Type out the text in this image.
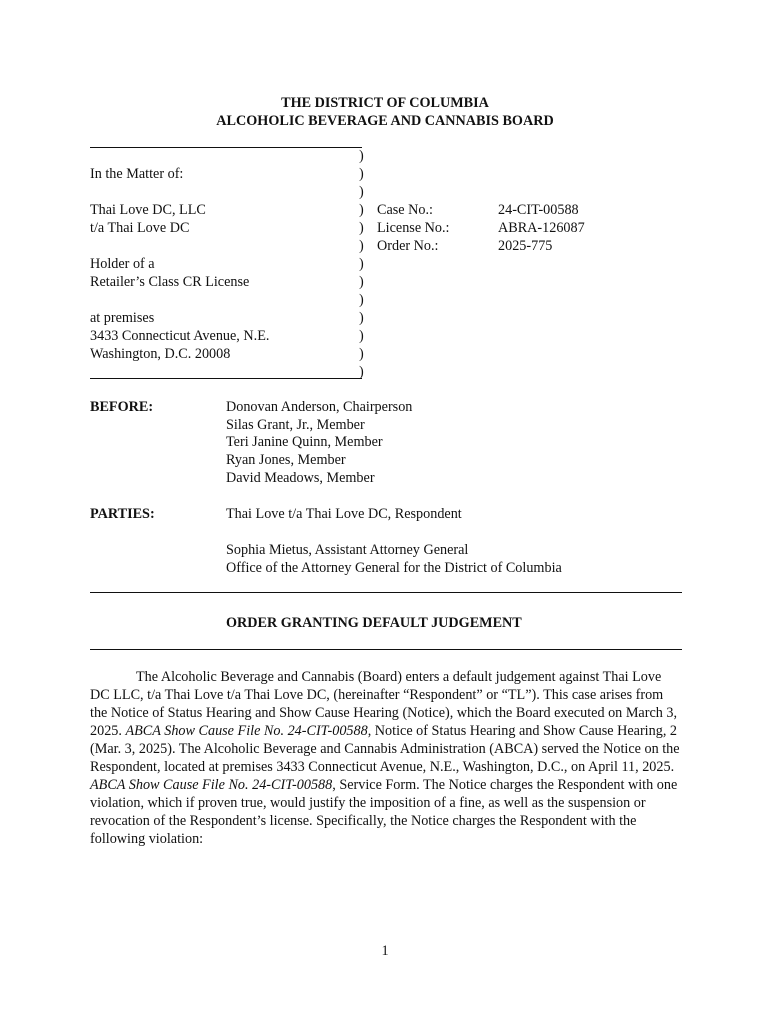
THE DISTRICT OF COLUMBIA
ALCOHOLIC BEVERAGE AND CANNABIS BOARD
In the Matter of:
Thai Love DC, LLC
t/a Thai Love DC
Holder of a
Retailer’s Class CR License
at premises
3433 Connecticut Avenue, N.E.
Washington, D.C. 20008
)
)
)
)
)
)
)
)
)
)
)
)
)
Case No.:	24-CIT-00588
License No.:	ABRA-126087
Order No.:	2025-775
BEFORE:	Donovan Anderson, Chairperson
Silas Grant, Jr., Member
Teri Janine Quinn, Member
Ryan Jones, Member
David Meadows, Member
PARTIES:	Thai Love t/a Thai Love DC, Respondent
Sophia Mietus, Assistant Attorney General
Office of the Attorney General for the District of Columbia
ORDER GRANTING DEFAULT JUDGEMENT

The Alcoholic Beverage and Cannabis (Board) enters a default judgement against Thai Love DC LLC, t/a Thai Love t/a Thai Love DC, (hereinafter “Respondent” or “TL”). This case arises from the Notice of Status Hearing and Show Cause Hearing (Notice), which the Board executed on March 3, 2025. ABCA Show Cause File No. 24-CIT-00588, Notice of Status Hearing and Show Cause Hearing, 2 (Mar. 3, 2025). The Alcoholic Beverage and Cannabis Administration (ABCA) served the Notice on the Respondent, located at premises 3433 Connecticut Avenue, N.E., Washington, D.C., on April 11, 2025. ABCA Show Cause File No. 24-CIT-00588, Service Form. The Notice charges the Respondent with one violation, which if proven true, would justify the imposition of a fine, as well as the suspension or revocation of the Respondent’s license. Specifically, the Notice charges the Respondent with the following violation:

1
